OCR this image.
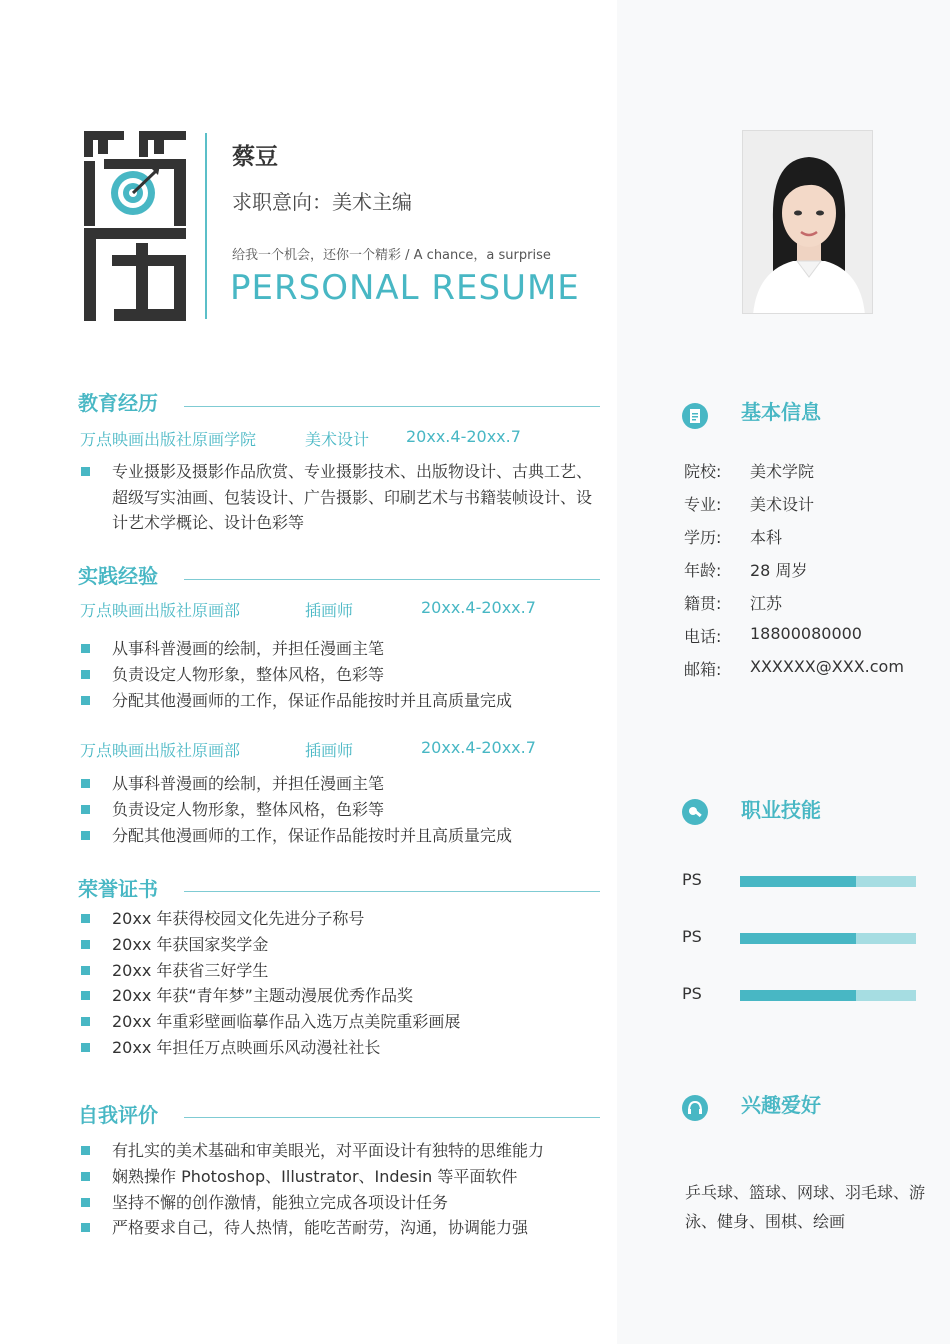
蔡豆
求职意向：美术主编
给我一个机会，还你一个精彩 / A chance，a surprise
PERSONAL RESUME
教育经历
万点映画出版社原画学院	美术设计 20xx.4-20xx.7
专业摄影及摄影作品欣赏、专业摄影技术、出版物设计、古典工艺、超级写实油画、包装设计、广告摄影、印刷艺术与书籍装帧设计、设计艺术学概论、设计色彩等
实践经验
万点映画出版社原画部	插画师	20xx.4-20xx.7
从事科普漫画的绘制，并担任漫画主笔
负责设定人物形象，整体风格，色彩等
分配其他漫画师的工作，保证作品能按时并且高质量完成
万点映画出版社原画部	插画师	20xx.4-20xx.7
从事科普漫画的绘制，并担任漫画主笔
负责设定人物形象，整体风格，色彩等
分配其他漫画师的工作，保证作品能按时并且高质量完成
荣誉证书
20xx 年获得校园文化先进分子称号
20xx 年获国家奖学金
20xx 年获省三好学生
20xx 年获“青年梦”主题动漫展优秀作品奖
20xx 年重彩壁画临摹作品入选万点美院重彩画展
20xx 年担任万点映画乐风动漫社社长
自我评价
有扎实的美术基础和审美眼光，对平面设计有独特的思维能力
娴熟操作 Photoshop、Illustrator、Indesin 等平面软件
坚持不懈的创作激情，能独立完成各项设计任务
严格要求自己，待人热情，能吃苦耐劳，沟通，协调能力强
基本信息
院校: 美术学院
专业: 美术设计
学历: 本科
年龄: 28 周岁
籍贯: 江苏
电话: 18800080000
邮箱: XXXXXX@XXX.com
职业技能
PS
PS
PS
兴趣爱好
乒乓球、篮球、网球、羽毛球、游泳、健身、围棋、绘画
